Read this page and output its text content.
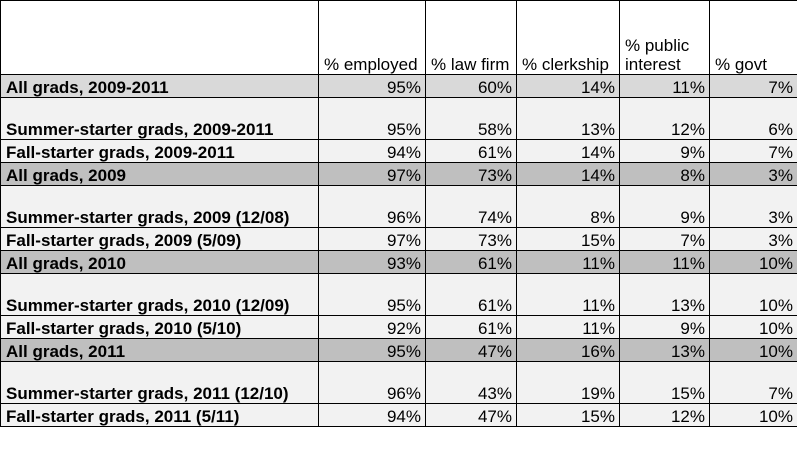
	% employed	% law firm	% clerkship	% public interest	% govt
All grads, 2009-2011	95%	60%	14%	11%	7%
Summer-starter grads, 2009-2011	95%	58%	13%	12%	6%
Fall-starter grads, 2009-2011	94%	61%	14%	9%	7%
All grads, 2009	97%	73%	14%	8%	3%
Summer-starter grads, 2009 (12/08)	96%	74%	8%	9%	3%
Fall-starter grads, 2009 (5/09)	97%	73%	15%	7%	3%
All grads, 2010	93%	61%	11%	11%	10%
Summer-starter grads, 2010 (12/09)	95%	61%	11%	13%	10%
Fall-starter grads, 2010 (5/10)	92%	61%	11%	9%	10%
All grads, 2011	95%	47%	16%	13%	10%
Summer-starter grads, 2011 (12/10)	96%	43%	19%	15%	7%
Fall-starter grads, 2011 (5/11)	94%	47%	15%	12%	10%
